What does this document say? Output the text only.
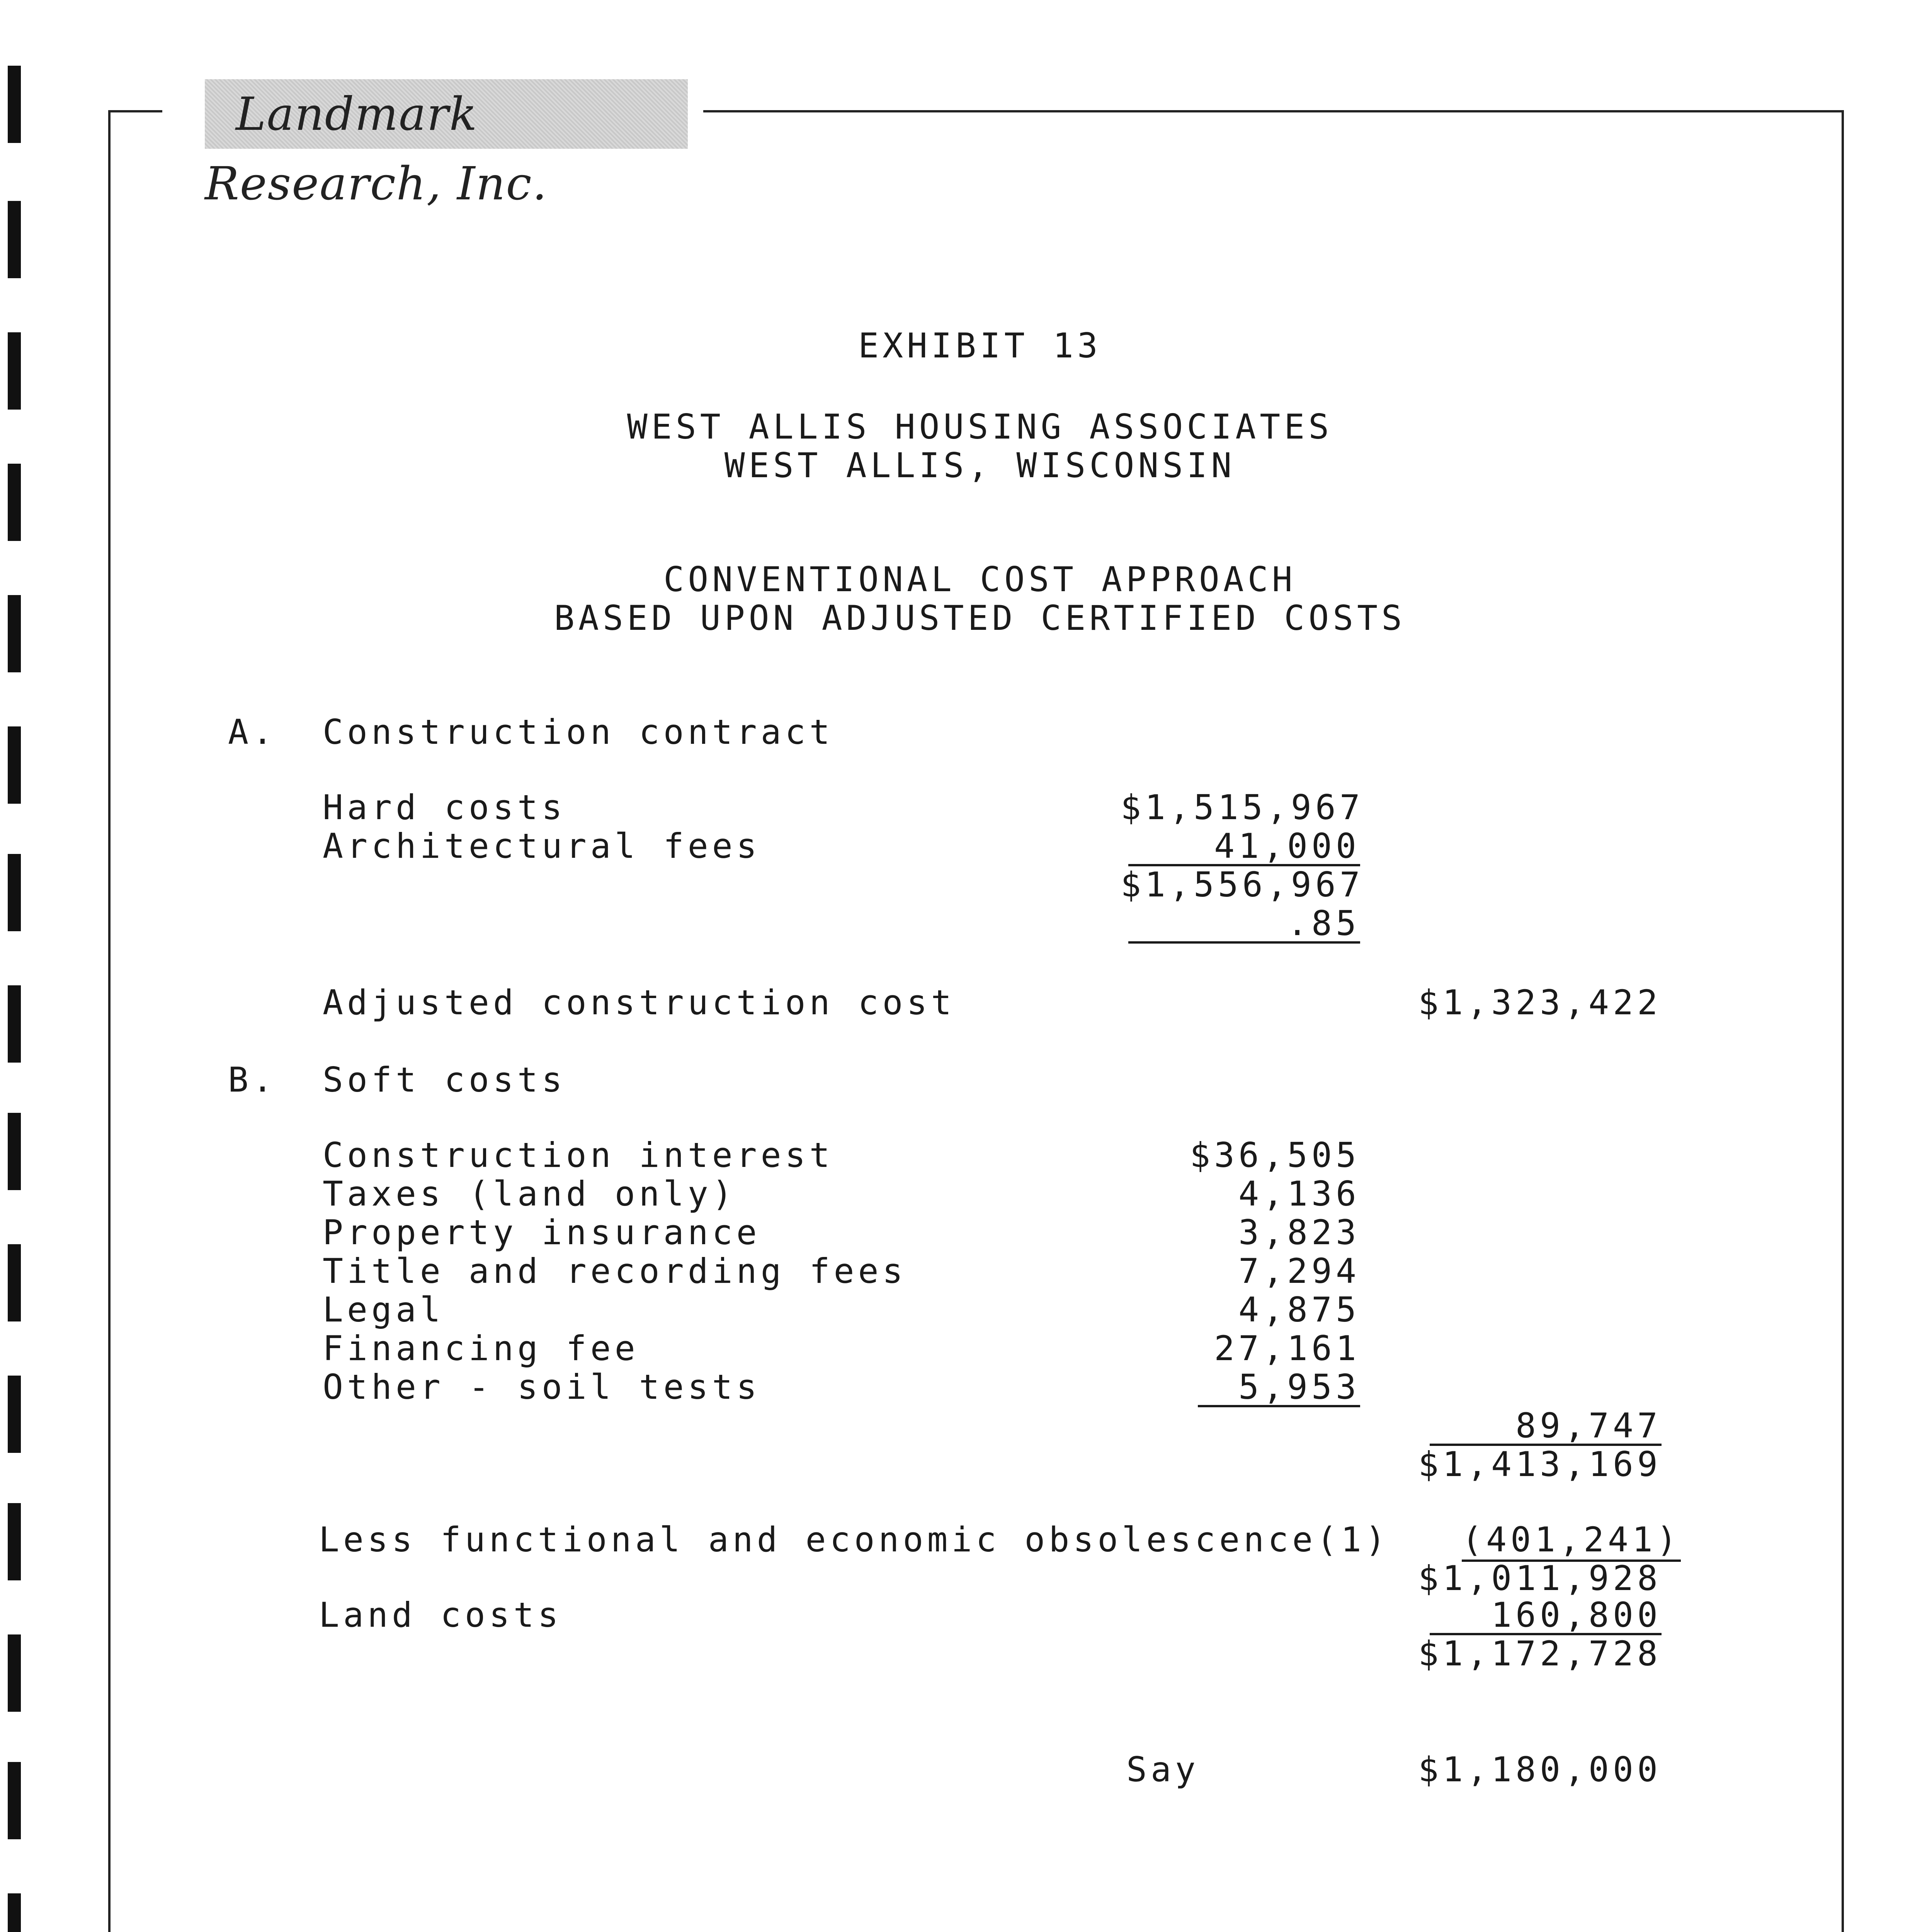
Landmark Research, Inc.
EXHIBIT 13
WEST ALLIS HOUSING ASSOCIATES
WEST ALLIS, WISCONSIN
CONVENTIONAL COST APPROACH
BASED UPON ADJUSTED CERTIFIED COSTS
A. Construction contract
Hard costs	$1,515,967
Architectural fees	41,000
$1,556,967
.85
Adjusted construction cost	$1,323,422
B. Soft costs
Construction interest	$36,505
Taxes (land only)	4,136
Property insurance	3,823
Title and recording fees	7,294
Legal	4,875
Financing fee	27,161
Other - soil tests	5,953
89,747
$1,413,169
Less functional and economic obsolescence(1)	(401,241)
$1,011,928
Land costs	160,800
$1,172,728
Say	$1,180,000
